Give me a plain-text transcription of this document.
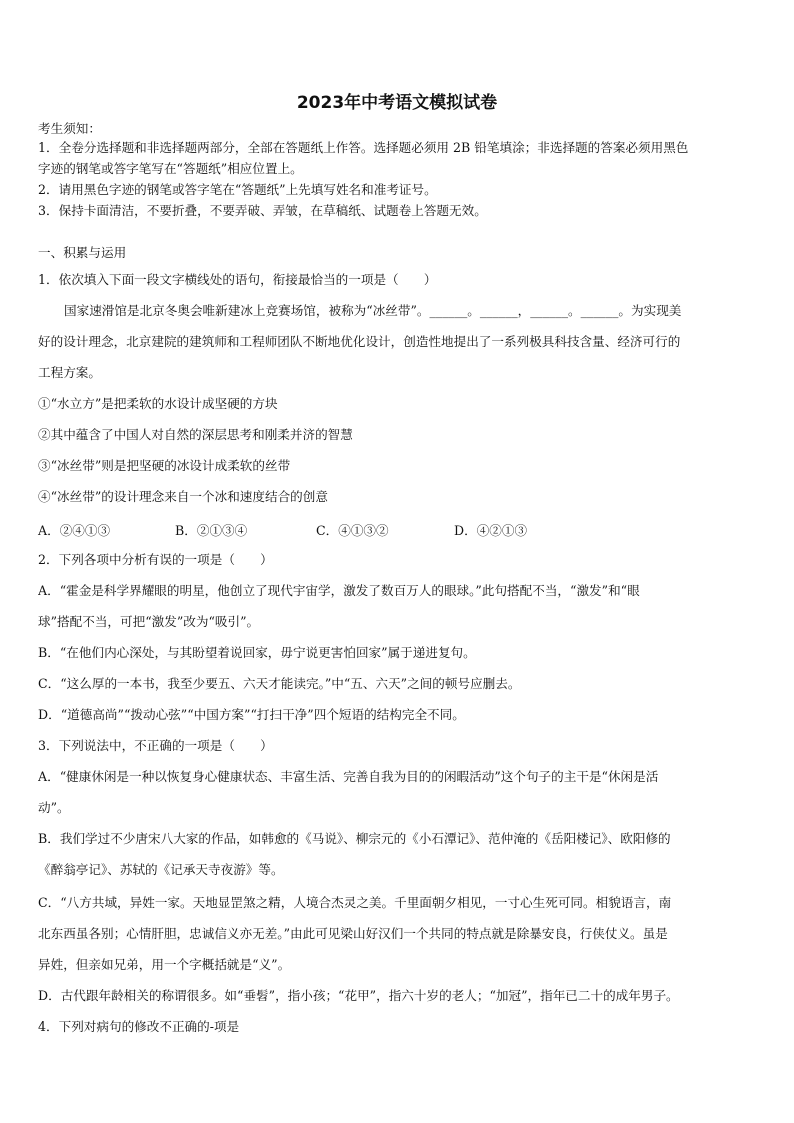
2023年中考语文模拟试卷
考生须知：
1．全卷分选择题和非选择题两部分，全部在答题纸上作答。选择题必须用 2B 铅笔填涂；非选择题的答案必须用黑色
字迹的钢笔或答字笔写在“答题纸”相应位置上。
2．请用黑色字迹的钢笔或答字笔在“答题纸”上先填写姓名和准考证号。
3．保持卡面清洁，不要折叠，不要弄破、弄皱，在草稿纸、试题卷上答题无效。
一、积累与运用
1．依次填入下面一段文字横线处的语句，衔接最恰当的一项是（　　）
国家速滑馆是北京冬奥会唯新建冰上竞赛场馆，被称为“冰丝带”。______。______，______。______。为实现美
好的设计理念，北京建院的建筑师和工程师团队不断地优化设计，创造性地提出了一系列极具科技含量、经济可行的
工程方案。
①“水立方”是把柔软的水设计成坚硬的方块
②其中蕴含了中国人对自然的深层思考和刚柔并济的智慧
③“冰丝带”则是把坚硬的冰设计成柔软的丝带
④“冰丝带”的设计理念来自一个冰和速度结合的创意
A．②④①③	B．②①③④	C．④①③②	D．④②①③
2．下列各项中分析有误的一项是（　　）
A．“霍金是科学界耀眼的明星，他创立了现代宇宙学，激发了数百万人的眼球。”此句搭配不当，“激发”和“眼
球”搭配不当，可把“激发”改为“吸引”。
B．“在他们内心深处，与其盼望着说回家，毋宁说更害怕回家”属于递进复句。
C．“这么厚的一本书，我至少要五、六天才能读完。”中“五、六天”之间的顿号应删去。
D．“道德高尚”“拨动心弦”“中国方案”“打扫干净”四个短语的结构完全不同。
3．下列说法中，不正确的一项是（　　）
A．“健康休闲是一种以恢复身心健康状态、丰富生活、完善自我为目的的闲暇活动”这个句子的主干是“休闲是活
动”。
B．我们学过不少唐宋八大家的作品，如韩愈的《马说》、柳宗元的《小石潭记》、范仲淹的《岳阳楼记》、欧阳修的
《醉翁亭记》、苏轼的《记承天寺夜游》等。
C．“八方共域，异姓一家。天地显罡煞之精，人境合杰灵之美。千里面朝夕相见，一寸心生死可同。相貌语言，南
北东西虽各别；心情肝胆，忠诚信义亦无差。”由此可见梁山好汉们一个共同的特点就是除暴安良，行侠仗义。虽是
异姓，但亲如兄弟，用一个字概括就是“义”。
D．古代跟年龄相关的称谓很多。如“垂髫”，指小孩；“花甲”，指六十岁的老人；“加冠”，指年已二十的成年男子。
4．下列对病句的修改不正确的-项是
